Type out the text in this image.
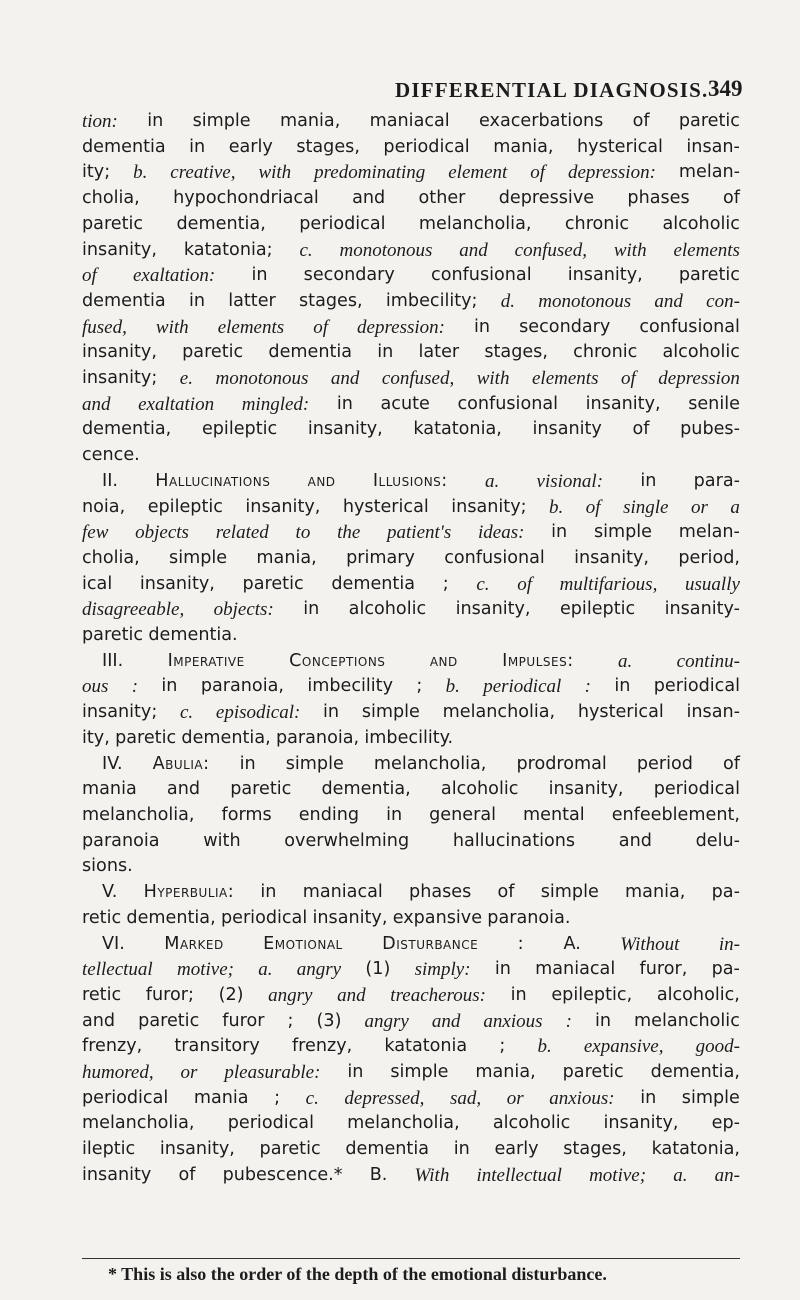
DIFFERENTIAL DIAGNOSIS. 349
tion: in simple mania, maniacal exacerbations of paretic
dementia in early stages, periodical mania, hysterical insan-
ity; b. creative, with predominating element of depression: melan-
cholia, hypochondriacal and other depressive phases of
paretic dementia, periodical melancholia, chronic alcoholic
insanity, katatonia; c. monotonous and confused, with elements
of exaltation: in secondary confusional insanity, paretic
dementia in latter stages, imbecility; d. monotonous and con-
fused, with elements of depression: in secondary confusional
insanity, paretic dementia in later stages, chronic alcoholic
insanity; e. monotonous and confused, with elements of depression
and exaltation mingled: in acute confusional insanity, senile
dementia, epileptic insanity, katatonia, insanity of pubes-
cence.
II. Hallucinations and Illusions: a. visional: in para-
noia, epileptic insanity, hysterical insanity; b. of single or a
few objects related to the patient's ideas: in simple melan-
cholia, simple mania, primary confusional insanity, period,
ical insanity, paretic dementia ; c. of multifarious, usually
disagreeable, objects: in alcoholic insanity, epileptic insanity-
paretic dementia.
III.	Imperative	Conceptions	and	Impulses: a. continu-
ous : in paranoia, imbecility ; b. periodical : in periodical
insanity; c. episodical: in simple melancholia, hysterical insan-
ity, paretic dementia, paranoia, imbecility.
IV. Abulia: in simple melancholia, prodromal period of
mania and paretic dementia, alcoholic insanity, periodical
melancholia, forms ending in general mental enfeeblement,
paranoia with overwhelming hallucinations and delu-
sions.
V. Hyperbulia: in maniacal phases of simple mania, pa-
retic dementia, periodical insanity, expansive paranoia.
VI. Marked Emotional Disturbance : A. Without in-
tellectual motive; a. angry (1) simply: in maniacal furor, pa-
retic furor; (2) angry and treacherous: in epileptic, alcoholic,
and paretic furor ; (3) angry and anxious : in melancholic
frenzy, transitory frenzy, katatonia ; b. expansive, good-
humored, or pleasurable: in simple mania, paretic dementia,
periodical mania ; c. depressed, sad, or anxious: in simple
melancholia, periodical melancholia, alcoholic insanity, ep-
ileptic insanity, paretic dementia in early stages, katatonia,
insanity of pubescence.* B. With intellectual motive; a. an-
* This is also the order of the depth of the emotional disturbance.
